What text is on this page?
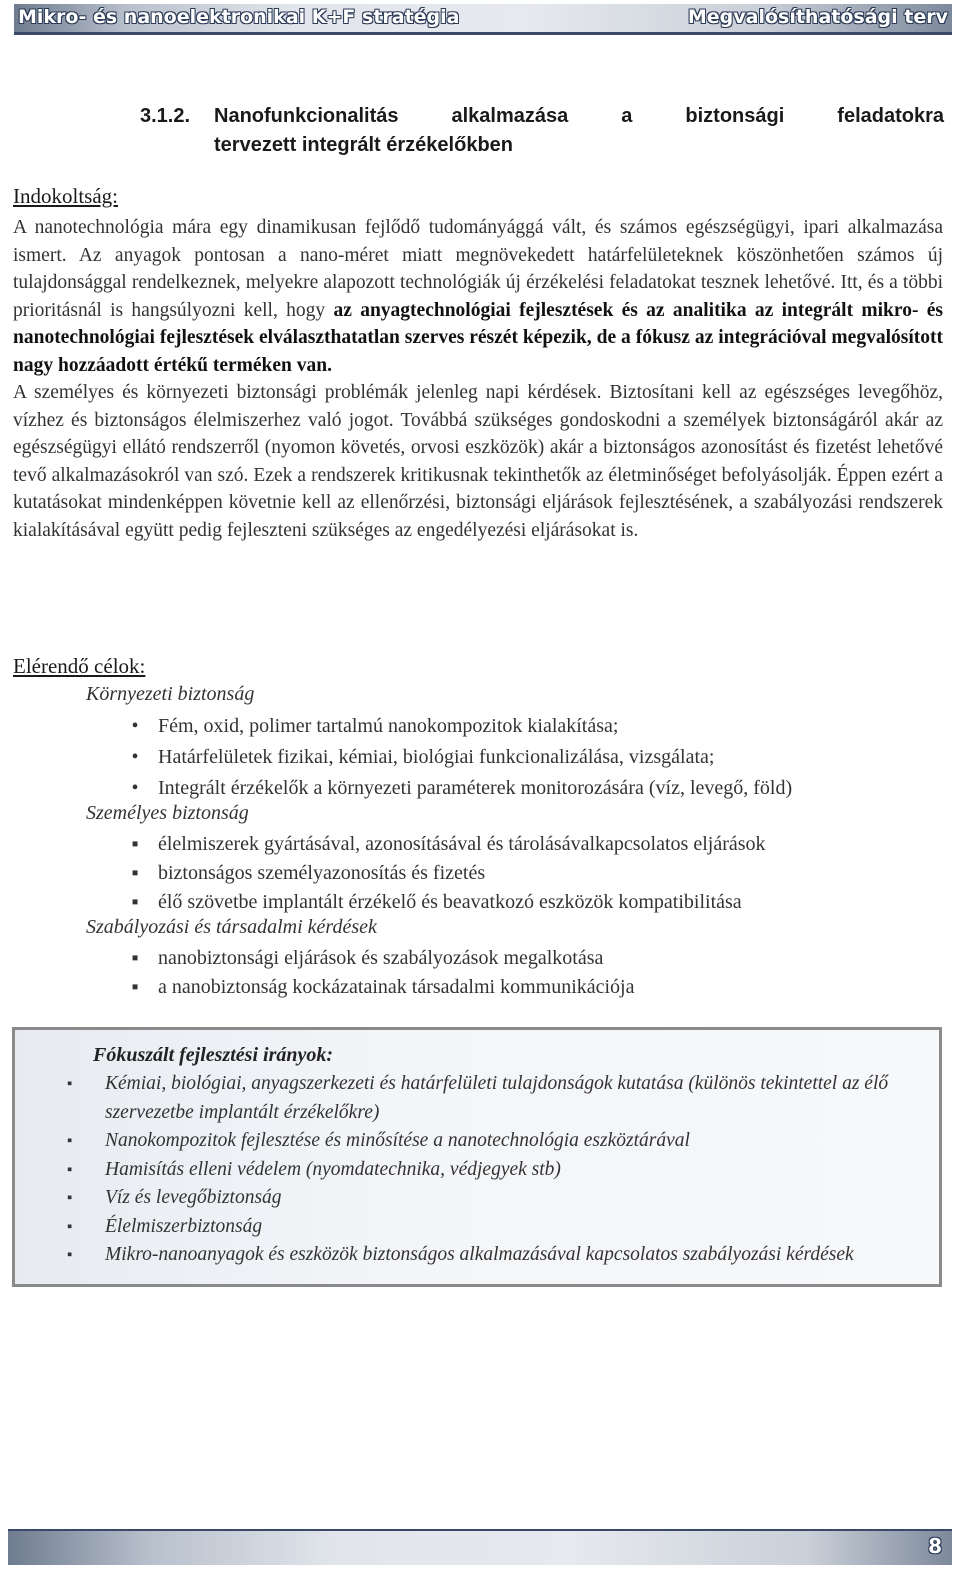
Mikro- és nanoelektronikai K+F stratégia	Megvalósíthatósági terv
3.1.2. Nanofunkcionalitás alkalmazása a biztonsági feladatokra
tervezett integrált érzékelőkben
Indokoltság:

A nanotechnológia mára egy dinamikusan fejlődő tudományággá vált, és számos egészségügyi, ipari alkalmazása ismert. Az anyagok pontosan a nano-méret miatt megnövekedett határfelületeknek köszönhetően számos új tulajdonsággal rendelkeznek, melyekre alapozott technológiák új érzékelési feladatokat tesznek lehetővé. Itt, és a többi prioritásnál is hangsúlyozni kell, hogy az anyagtechnológiai fejlesztések és az analitika az integrált mikro- és nanotechnológiai fejlesztések elválaszthatatlan szerves részét képezik, de a fókusz az integrációval megvalósított nagy hozzáadott értékű terméken van.

A személyes és környezeti biztonsági problémák jelenleg napi kérdések. Biztosítani kell az egészséges levegőhöz, vízhez és biztonságos élelmiszerhez való jogot. Továbbá szükséges gondoskodni a személyek biztonságáról akár az egészségügyi ellátó rendszerről (nyomon követés, orvosi eszközök) akár a biztonságos azonosítást és fizetést lehetővé tevő alkalmazásokról van szó. Ezek a rendszerek kritikusnak tekinthetők az életminőséget befolyásolják. Éppen ezért a kutatásokat mindenképpen követnie kell az ellenőrzési, biztonsági eljárások fejlesztésének, a szabályozási rendszerek kialakításával együtt pedig fejleszteni szükséges az engedélyezési eljárásokat is.

Elérendő célok:
Környezeti biztonság
• Fém, oxid, polimer tartalmú nanokompozitok kialakítása;
• Határfelületek fizikai, kémiai, biológiai funkcionalizálása, vizsgálata;
• Integrált érzékelők a környezeti paraméterek monitorozására (víz, levegő, föld)
Személyes biztonság
▪ élelmiszerek gyártásával, azonosításával és tárolásávalkapcsolatos eljárások
▪ biztonságos személyazonosítás és fizetés
▪ élő szövetbe implantált érzékelő és beavatkozó eszközök kompatibilitása
Szabályozási és társadalmi kérdések
▪ nanobiztonsági eljárások és szabályozások megalkotása
▪ a nanobiztonság kockázatainak társadalmi kommunikációja
Fókuszált fejlesztési irányok:
▪ Kémiai, biológiai, anyagszerkezeti és határfelületi tulajdonságok kutatása (különös tekintettel az élő szervezetbe implantált érzékelőkre)
▪ Nanokompozitok fejlesztése és minősítése a nanotechnológia eszköztárával
▪ Hamisítás elleni védelem (nyomdatechnika, védjegyek stb)
▪ Víz és levegőbiztonság
▪ Élelmiszerbiztonság
▪ Mikro-nanoanyagok és eszközök biztonságos alkalmazásával kapcsolatos szabályozási kérdések
8
